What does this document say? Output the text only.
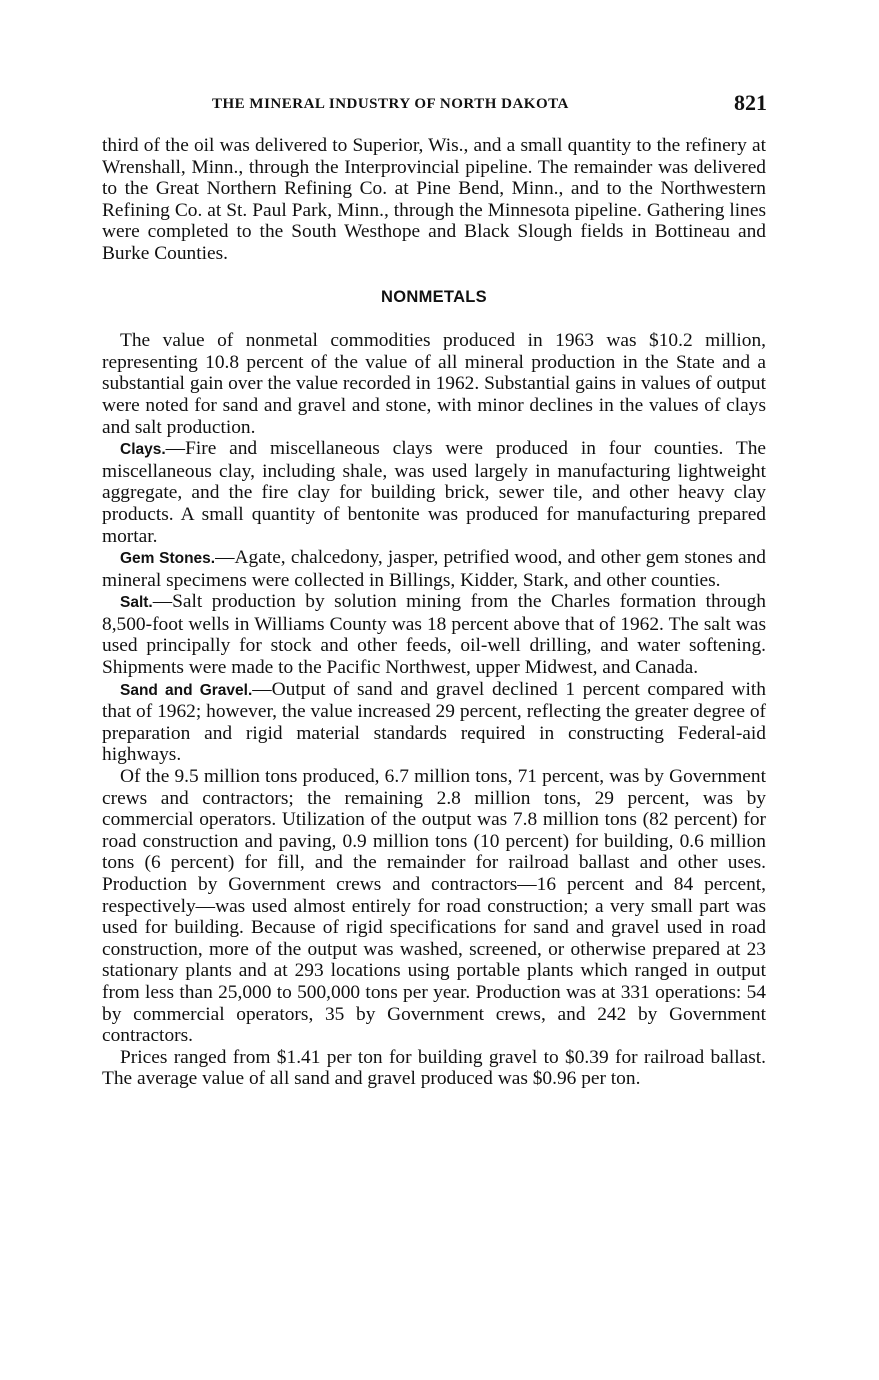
THE MINERAL INDUSTRY OF NORTH DAKOTA	821

third of the oil was delivered to Superior, Wis., and a small quantity to the refinery at Wrenshall, Minn., through the Interprovincial pipeline. The remainder was delivered to the Great Northern Refining Co. at Pine Bend, Minn., and to the Northwestern Refining Co. at St. Paul Park, Minn., through the Minnesota pipeline. Gathering lines were completed to the South Westhope and Black Slough fields in Bottineau and Burke Counties.

NONMETALS

The value of nonmetal commodities produced in 1963 was $10.2 million, representing 10.8 percent of the value of all mineral production in the State and a substantial gain over the value recorded in 1962. Substantial gains in values of output were noted for sand and gravel and stone, with minor declines in the values of clays and salt production.

Clays.—Fire and miscellaneous clays were produced in four counties. The miscellaneous clay, including shale, was used largely in manufacturing lightweight aggregate, and the fire clay for building brick, sewer tile, and other heavy clay products. A small quantity of bentonite was produced for manufacturing prepared mortar.

Gem Stones.—Agate, chalcedony, jasper, petrified wood, and other gem stones and mineral specimens were collected in Billings, Kidder, Stark, and other counties.

Salt.—Salt production by solution mining from the Charles formation through 8,500-foot wells in Williams County was 18 percent above that of 1962. The salt was used principally for stock and other feeds, oil-well drilling, and water softening. Shipments were made to the Pacific Northwest, upper Midwest, and Canada.

Sand and Gravel.—Output of sand and gravel declined 1 percent compared with that of 1962; however, the value increased 29 percent, reflecting the greater degree of preparation and rigid material standards required in constructing Federal-aid highways.

Of the 9.5 million tons produced, 6.7 million tons, 71 percent, was by Government crews and contractors; the remaining 2.8 million tons, 29 percent, was by commercial operators. Utilization of the output was 7.8 million tons (82 percent) for road construction and paving, 0.9 million tons (10 percent) for building, 0.6 million tons (6 percent) for fill, and the remainder for railroad ballast and other uses. Production by Government crews and contractors—16 percent and 84 percent, respectively—was used almost entirely for road construction; a very small part was used for building. Because of rigid specifications for sand and gravel used in road construction, more of the output was washed, screened, or otherwise prepared at 23 stationary plants and at 293 locations using portable plants which ranged in output from less than 25,000 to 500,000 tons per year. Production was at 331 operations: 54 by commercial operators, 35 by Government crews, and 242 by Government contractors.

Prices ranged from $1.41 per ton for building gravel to $0.39 for railroad ballast. The average value of all sand and gravel produced was $0.96 per ton.
